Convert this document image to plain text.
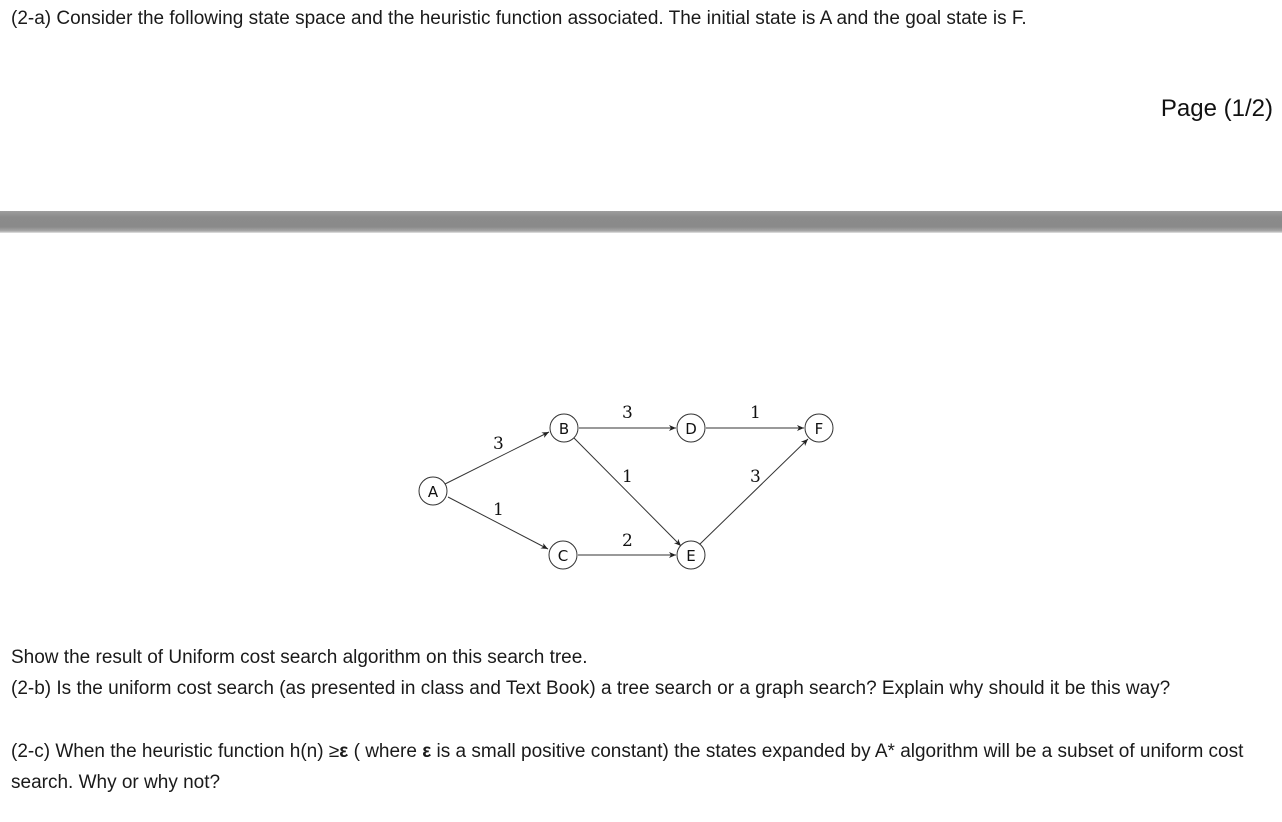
(2-a) Consider the following state space and the heuristic function associated. The initial state is A and the goal state is F.
Page (1/2)
3
1
3
1
2
1
3
A
B
C
D
E
F
Show the result of Uniform cost search algorithm on this search tree.
(2-b) Is the uniform cost search (as presented in class and Text Book) a tree search or a graph search? Explain why should it be this way?
(2-c) When the heuristic function h(n) ≥ε ( where ε is a small positive constant) the states expanded by A* algorithm will be a subset of uniform cost search. Why or why not?
